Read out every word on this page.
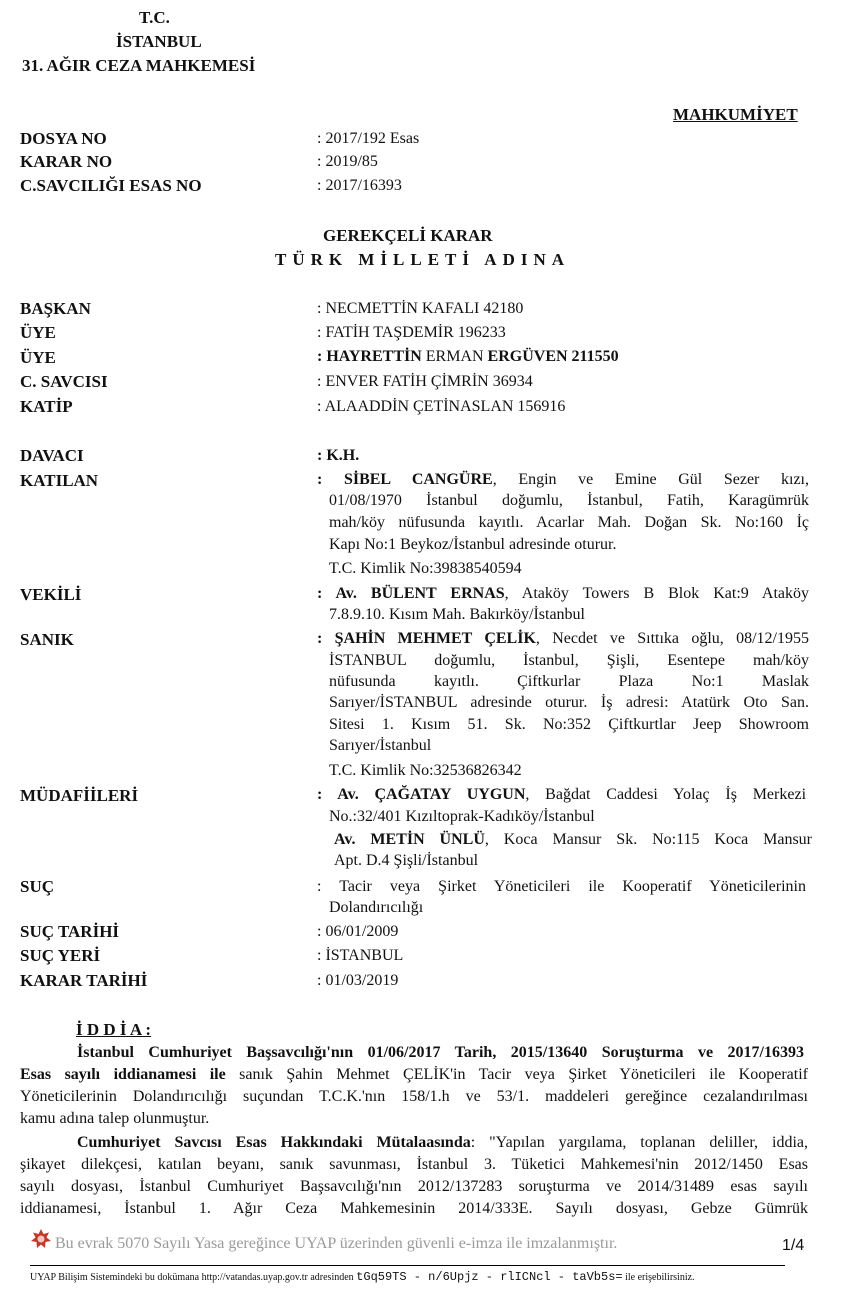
T.C.
İSTANBUL
31. AĞIR CEZA MAHKEMESİ
MAHKUMİYET
DOSYA NO	: 2017/192 Esas
KARAR NO	: 2019/85
C.SAVCILIĞI ESAS NO	: 2017/16393
GEREKÇELİ KARAR
TÜRK MİLLETİ ADINA
BAŞKAN	: NECMETTİN KAFALI 42180
ÜYE	: FATİH TAŞDEMİR 196233
ÜYE	: HAYRETTİN ERMAN ERGÜVEN 211550
C. SAVCISI	: ENVER FATİH ÇİMRİN 36934
KATİP	: ALAADDİN ÇETİNASLAN 156916
DAVACI	: K.H.
KATILAN	: SİBEL CANGÜRE, Engin ve Emine Gül Sezer kızı,
01/08/1970 İstanbul doğumlu, İstanbul, Fatih, Karagümrük
mah/köy nüfusunda kayıtlı. Acarlar Mah. Doğan Sk. No:160 İç
Kapı No:1 Beykoz/İstanbul adresinde oturur.
T.C. Kimlik No:39838540594
VEKİLİ	: Av. BÜLENT ERNAS, Ataköy Towers B Blok Kat:9 Ataköy
7.8.9.10. Kısım Mah. Bakırköy/İstanbul
SANIK	: ŞAHİN MEHMET ÇELİK, Necdet ve Sıttıka oğlu, 08/12/1955
İSTANBUL doğumlu, İstanbul, Şişli, Esentepe mah/köy
nüfusunda kayıtlı. Çiftkurlar Plaza No:1 Maslak
Sarıyer/İSTANBUL adresinde oturur. İş adresi: Atatürk Oto San.
Sitesi 1. Kısım 51. Sk. No:352 Çiftkurtlar Jeep Showroom
Sarıyer/İstanbul
T.C. Kimlik No:32536826342
MÜDAFİİLERİ	: Av. ÇAĞATAY UYGUN, Bağdat Caddesi Yolaç İş Merkezi
No.:32/401 Kızıltoprak-Kadıköy/İstanbul
Av. METİN ÜNLÜ, Koca Mansur Sk. No:115 Koca Mansur
Apt. D.4 Şişli/İstanbul
SUÇ	: Tacir veya Şirket Yöneticileri ile Kooperatif Yöneticilerinin
Dolandırıcılığı
SUÇ TARİHİ	: 06/01/2009
SUÇ YERİ	: İSTANBUL
KARAR TARİHİ	: 01/03/2019
İ D D İ A :
İstanbul Cumhuriyet Başsavcılığı'nın 01/06/2017 Tarih, 2015/13640 Soruşturma ve 2017/16393
Esas sayılı iddianamesi ile sanık Şahin Mehmet ÇELİK'in Tacir veya Şirket Yöneticileri ile Kooperatif
Yöneticilerinin Dolandırıcılığı suçundan T.C.K.'nın 158/1.h ve 53/1. maddeleri gereğince cezalandırılması
kamu adına talep olunmuştur.
Cumhuriyet Savcısı Esas Hakkındaki Mütalaasında: "Yapılan yargılama, toplanan deliller, iddia,
şikayet dilekçesi, katılan beyanı, sanık savunması, İstanbul 3. Tüketici Mahkemesi'nin 2012/1450 Esas
sayılı dosyası, İstanbul Cumhuriyet Başsavcılığı'nın 2012/137283 soruşturma ve 2014/31489 esas sayılı
iddianamesi, İstanbul 1. Ağır Ceza Mahkemesinin 2014/333E. Sayılı dosyası, Gebze Gümrük
Bu evrak 5070 Sayılı Yasa gereğince UYAP üzerinden güvenli e-imza ile imzalanmıştır.	1/4
UYAP Bilişim Sistemindeki bu dokümana http://vatandas.uyap.gov.tr adresinden tGq59TS - n/6Upjz - rlICNcl - taVb5s= ile erişebilirsiniz.
